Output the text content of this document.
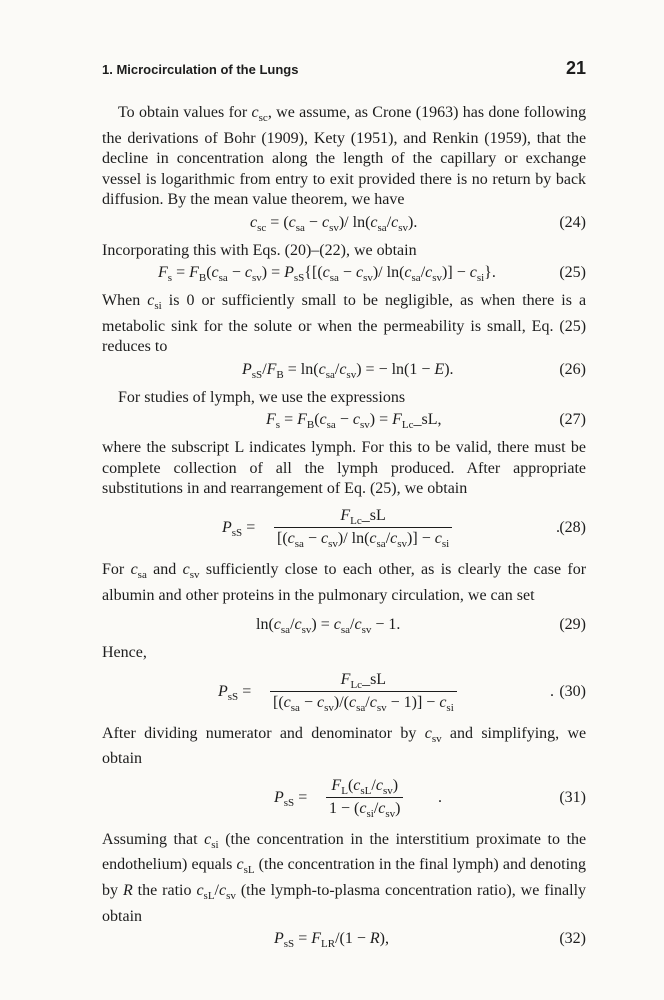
1. Microcirculation of the Lungs	21

To obtain values for $c_{sc}$, we assume, as Crone (1963) has done following the derivations of Bohr (1909), Kety (1951), and Renkin (1959), that the decline in concentration along the length of the capillary or exchange vessel is logarithmic from entry to exit provided there is no return by back diffusion. By the mean value theorem, we have

$c_{sc} = (c_{sa} - c_{sv})/$ $\ln(c_{sa}/c_{sv})$.	(24)

Incorporating this with Eqs. (20)–(22), we obtain

$F_s = F_B(c_{sa} - c_{sv}) = P_{sS}\{[(c_{sa} - c_{sv})/$ $\ln(c_{sa}/c_{sv})] - c_{si}$}.	(25)

When $c_{si}$ is 0 or sufficiently small to be negligible, as when there is a metabolic sink for the solute or when the permeability is small, Eq. (25) reduces to

$P_{sS}/F_B = \ln(c_{sa}/c_{sv})$ = − ln(1 − E).	(26)

For studies of lymph, we use the expressions

$F_s = F_B(c_{sa} - c_{sv})$ = $F_{Lc}\_sL$,	(27)

where the subscript L indicates lymph. For this to be valid, there must be complete collection of all the lymph produced. After appropriate substitutions in and rearrangement of Eq. (25), we obtain

$P_{sS}$ =
$F_{Lc}\_sL$
[$(c_{sa} - c_{sv})/$ $\ln(c_{sa}/c_{sv})] - c_{si}$
. (28)

For $c_{sa}$ and $c_{sv}$ sufficiently close to each other, as is clearly the case for albumin and other proteins in the pulmonary circulation, we can set

$\ln(c_{sa}/c_{sv}) = c_{sa}/c_{sv} - 1$.	(29)

Hence,

$P_{sS}$ =
$F_{Lc}\_sL$
$[(c_{sa} - c_{sv})/(c_{sa}/c_{sv} - 1)] - c_{si}$
. (30)

After dividing numerator and denominator by $c_{sv}$ and simplifying, we obtain

$P_{sS}$ =
$F_L(c_{sL}/c_{sv})$
$1 - (c_{si}/c_{sv})$
.	(31)

Assuming that $c_{si}$ (the concentration in the interstitium proximate to the endothelium) equals $c_{sL}$ (the concentration in the final lymph) and denoting by R the ratio $c_{sL}/c_{sv}$ (the lymph-to-plasma concentration ratio), we finally obtain

$P_{sS} = F_{LR}/(1 - R)$,	(32)
